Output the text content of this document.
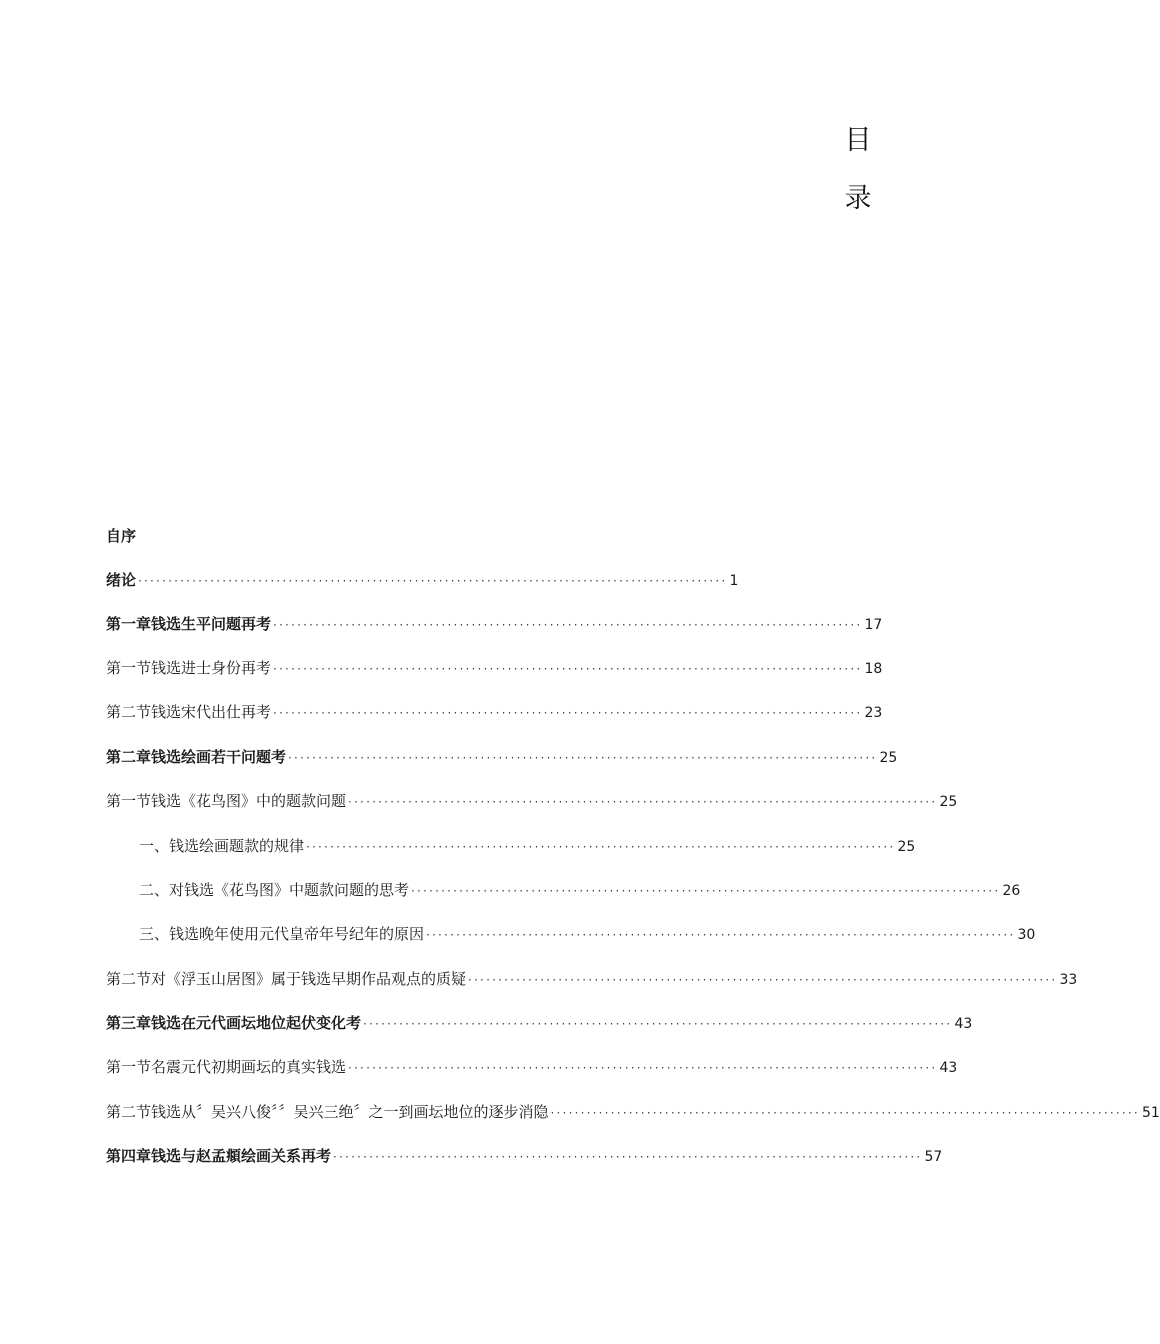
目
录
自序
绪论 ·································································································· 1
第一章 钱选生平问题再考 ·································································································· 17
第一节 钱选进士身份再考 ·································································································· 18
第二节 钱选宋代出仕再考 ·································································································· 23
第二章 钱选绘画若干问题考 ·································································································· 25
第一节 钱选《花鸟图》中的题款问题 ·································································································· 25
一、钱选绘画题款的规律 ·································································································· 25
二、对钱选《花鸟图》中题款问题的思考 ·································································································· 26
三、钱选晚年使用元代皇帝年号纪年的原因 ·································································································· 30
第二节 对《浮玉山居图》属于钱选早期作品观点的质疑 ·································································································· 33
第三章 钱选在元代画坛地位起伏变化考 ·································································································· 43
第一节 名震元代初期画坛的真实钱选 ·································································································· 43
第二节 钱选从〞吴兴八俊〞〞吴兴三绝〞之一到画坛地位的逐步消隐 ·································································································· 51
第四章 钱选与赵孟頫绘画关系再考 ·································································································· 57
